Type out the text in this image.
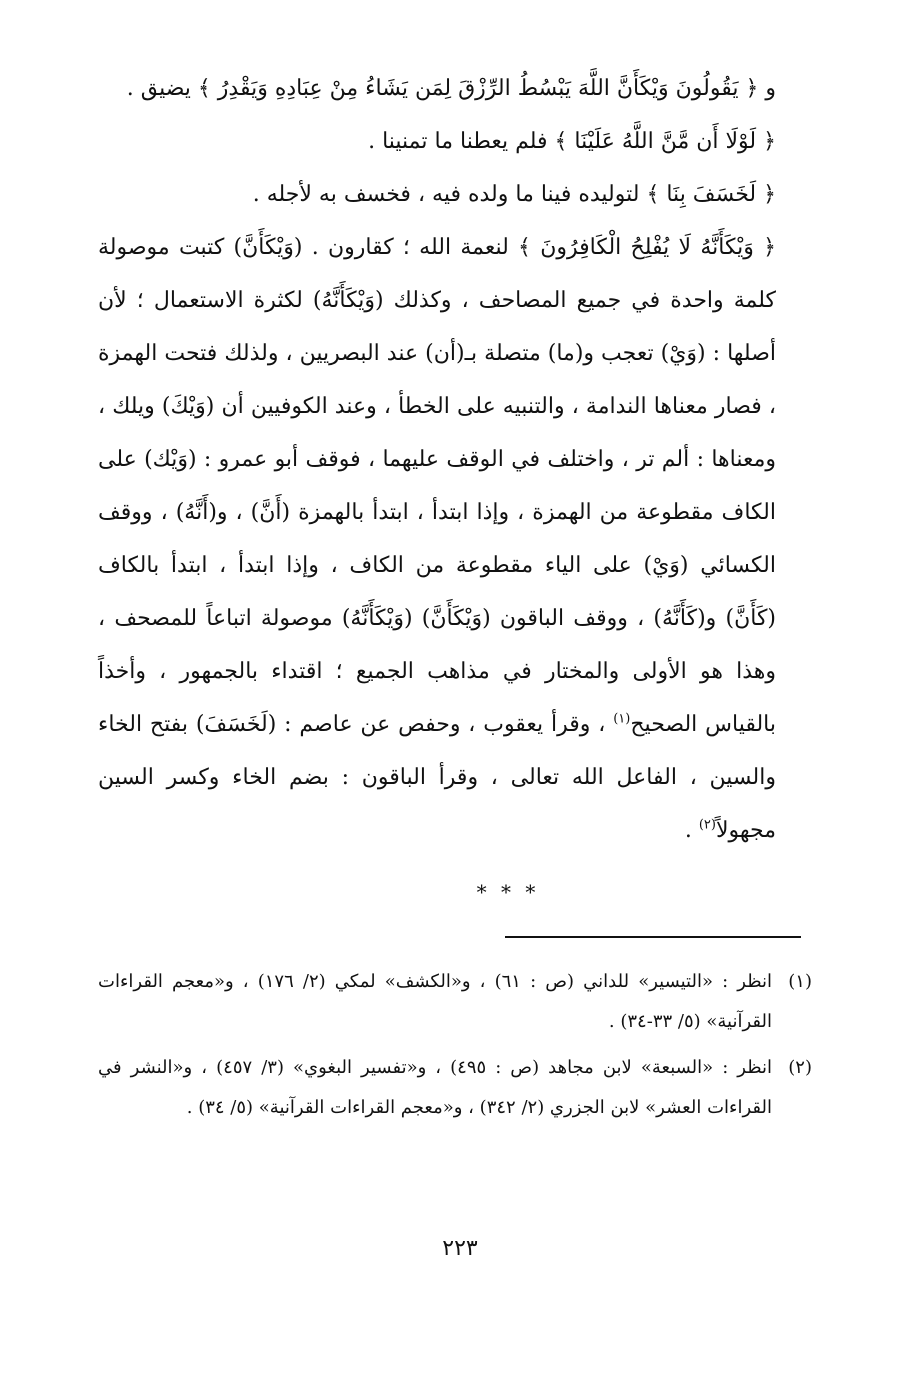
و ﴿ يَقُولُونَ وَيْكَأَنَّ اللَّهَ يَبْسُطُ الرِّزْقَ لِمَن يَشَاءُ مِنْ عِبَادِهِ وَيَقْدِرُ ﴾ يضيق .

﴿ لَوْلَا أَن مَّنَّ اللَّهُ عَلَيْنَا ﴾ فلم يعطنا ما تمنينا .

﴿ لَخَسَفَ بِنَا ﴾ لتوليده فينا ما ولده فيه ، فخسف به لأجله .

﴿ وَيْكَأَنَّهُ لَا يُفْلِحُ الْكَافِرُونَ ﴾ لنعمة الله ؛ كقارون . (وَيْكَأَنَّ) كتبت موصولة كلمة واحدة في جميع المصاحف ، وكذلك (وَيْكَأَنَّهُ) لكثرة الاستعمال ؛ لأن أصلها : (وَيْ) تعجب و(ما) متصلة بـ(أن) عند البصريين ، ولذلك فتحت الهمزة ، فصار معناها الندامة ، والتنبيه على الخطأ ، وعند الكوفيين أن (وَيْكَ) ويلك ، ومعناها : ألم تر ، واختلف في الوقف عليهما ، فوقف أبو عمرو : (وَيْك) على الكاف مقطوعة من الهمزة ، وإذا ابتدأ ، ابتدأ بالهمزة (أَنَّ) ، و(أَنَّهُ) ، ووقف الكسائي (وَيْ) على الياء مقطوعة من الكاف ، وإذا ابتدأ ، ابتدأ بالكاف (كَأَنَّ) و(كَأَنَّهُ) ، ووقف الباقون (وَيْكَأَنَّ) (وَيْكَأَنَّهُ) موصولة اتباعاً للمصحف ، وهذا هو الأولى والمختار في مذاهب الجميع ؛ اقتداء بالجمهور ، وأخذاً بالقياس الصحيح$^{(١)}$ ، وقرأ يعقوب ، وحفص عن عاصم : (لَخَسَفَ) بفتح الخاء والسين ، الفاعل الله تعالى ، وقرأ الباقون : بضم الخاء وكسر السين مجهولاً$^{(٢)}$ .

* * *
(١)
انظر : «التيسير» للداني (ص : ٦١) ، و«الكشف» لمكي (٢/ ١٧٦) ، و«معجم القراءات القرآنية» (٥/ ٣٣-٣٤) .
(٢)
انظر : «السبعة» لابن مجاهد (ص : ٤٩٥) ، و«تفسير البغوي» (٣/ ٤٥٧) ، و«النشر في القراءات العشر» لابن الجزري (٢/ ٣٤٢) ، و«معجم القراءات القرآنية» (٥/ ٣٤) .
٢٢٣
